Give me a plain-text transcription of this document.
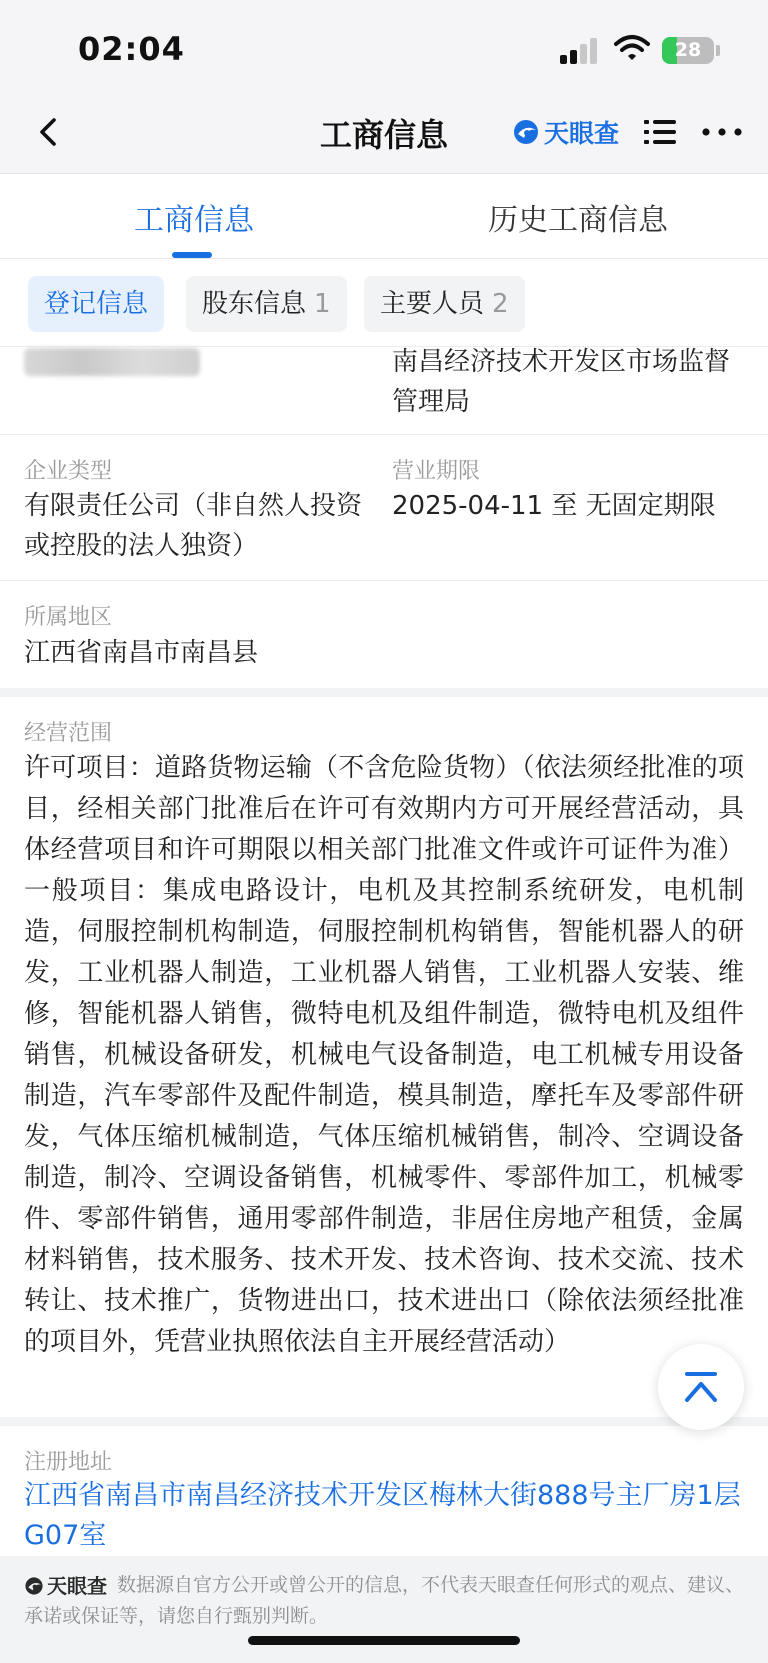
02:04	28
工商信息	天眼查
工商信息	历史工商信息
登记信息	股东信息 1	主要人员 2
南昌经济技术开发区市场监督管理局
企业类型
有限责任公司（非自然人投资或控股的法人独资）
营业期限
2025-04-11 至 无固定期限
所属地区
江西省南昌市南昌县
经营范围
许可项目：道路货物运输（不含危险货物）（依法须经批准的项目，经相关部门批准后在许可有效期内方可开展经营活动，具体经营项目和许可期限以相关部门批准文件或许可证件为准）一般项目：集成电路设计，电机及其控制系统研发，电机制造，伺服控制机构制造，伺服控制机构销售，智能机器人的研发，工业机器人制造，工业机器人销售，工业机器人安装、维修，智能机器人销售，微特电机及组件制造，微特电机及组件销售，机械设备研发，机械电气设备制造，电工机械专用设备制造，汽车零部件及配件制造，模具制造，摩托车及零部件研发，气体压缩机械制造，气体压缩机械销售，制冷、空调设备制造，制冷、空调设备销售，机械零件、零部件加工，机械零件、零部件销售，通用零部件制造，非居住房地产租赁，金属材料销售，技术服务、技术开发、技术咨询、技术交流、技术转让、技术推广，货物进出口，技术进出口（除依法须经批准的项目外，凭营业执照依法自主开展经营活动）
注册地址
江西省南昌市南昌经济技术开发区梅林大街888号主厂房1层G07室
天眼查 数据源自官方公开或曾公开的信息，不代表天眼查任何形式的观点、建议、承诺或保证等，请您自行甄别判断。
